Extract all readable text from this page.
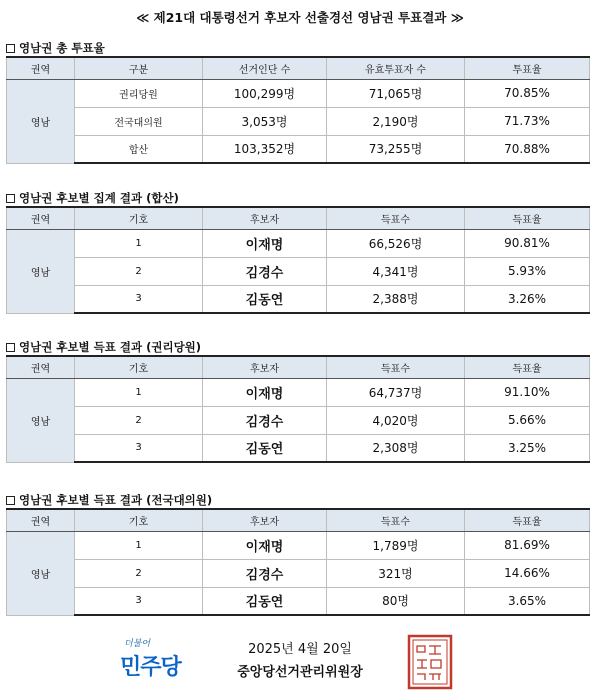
≪ 제21대 대통령선거 후보자 선출경선 영남권 투표결과 ≫
영남권 총 투표율
권역	구분	선거인단 수	유효투표자 수	투표율
영남	권리당원	100,299명	71,065명	70.85%
	전국대의원	3,053명	2,190명	71.73%
	합산	103,352명	73,255명	70.88%
영남권 후보별 집계 결과 (합산)
권역	기호	후보자	득표수	득표율
영남	1	이재명	66,526명	90.81%
	2	김경수	4,341명	5.93%
	3	김동연	2,388명	3.26%
영남권 후보별 득표 결과 (권리당원)
권역	기호	후보자	득표수	득표율
영남	1	이재명	64,737명	91.10%
	2	김경수	4,020명	5.66%
	3	김동연	2,308명	3.25%
영남권 후보별 득표 결과 (전국대의원)
권역	기호	후보자	득표수	득표율
영남	1	이재명	1,789명	81.69%
	2	김경수	321명	14.66%
	3	김동연	80명	3.65%
더불어
민주당
2025년 4월 20일
중앙당선거관리위원장
